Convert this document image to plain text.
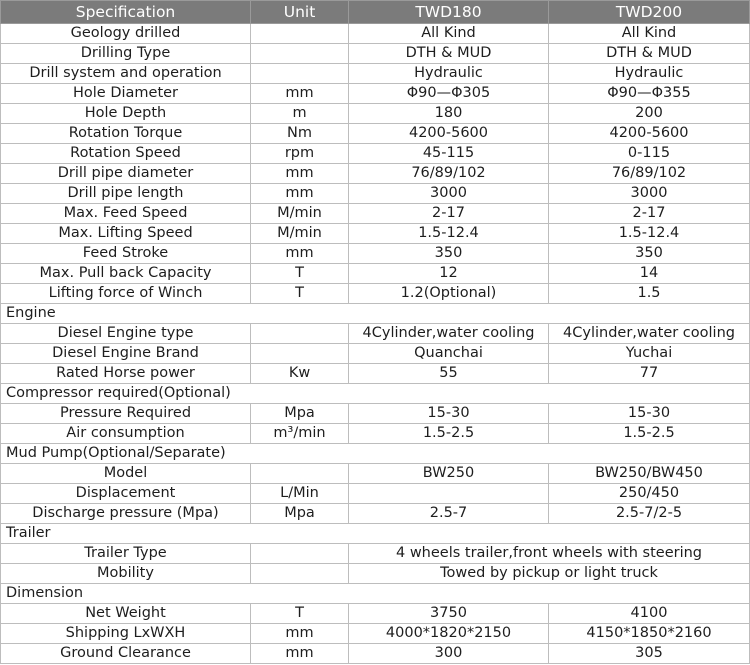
Specification	Unit	TWD180	TWD200
Geology drilled		All Kind	All Kind
Drilling Type		DTH & MUD	DTH & MUD
Drill system and operation		Hydraulic	Hydraulic
Hole Diameter	mm	Φ90—Φ305	Φ90—Φ355
Hole Depth	m	180	200
Rotation Torque	Nm	4200-5600	4200-5600
Rotation Speed	rpm	45-115	0-115
Drill pipe diameter	mm	76/89/102	76/89/102
Drill pipe length	mm	3000	3000
Max. Feed Speed	M/min	2-17	2-17
Max. Lifting Speed	M/min	1.5-12.4	1.5-12.4
Feed Stroke	mm	350	350
Max. Pull back Capacity	T	12	14
Lifting force of Winch	T	1.2(Optional)	1.5
Engine			
Diesel Engine type		4Cylinder,water cooling	4Cylinder,water cooling
Diesel Engine Brand		Quanchai	Yuchai
Rated Horse power	Kw	55	77
Compressor required(Optional)			
Pressure Required	Mpa	15-30	15-30
Air consumption	m³/min	1.5-2.5	1.5-2.5
Mud Pump(Optional/Separate)			
Model		BW250	BW250/BW450
Displacement	L/Min		250/450
Discharge pressure (Mpa)	Mpa	2.5-7	2.5-7/2-5
Trailer			
Trailer Type		4 wheels trailer,front wheels with steering	
Mobility		Towed by pickup or light truck	
Dimension			
Net Weight	T	3750	4100
Shipping LxWXH	mm	4000*1820*2150	4150*1850*2160
Ground Clearance	mm	300	305
